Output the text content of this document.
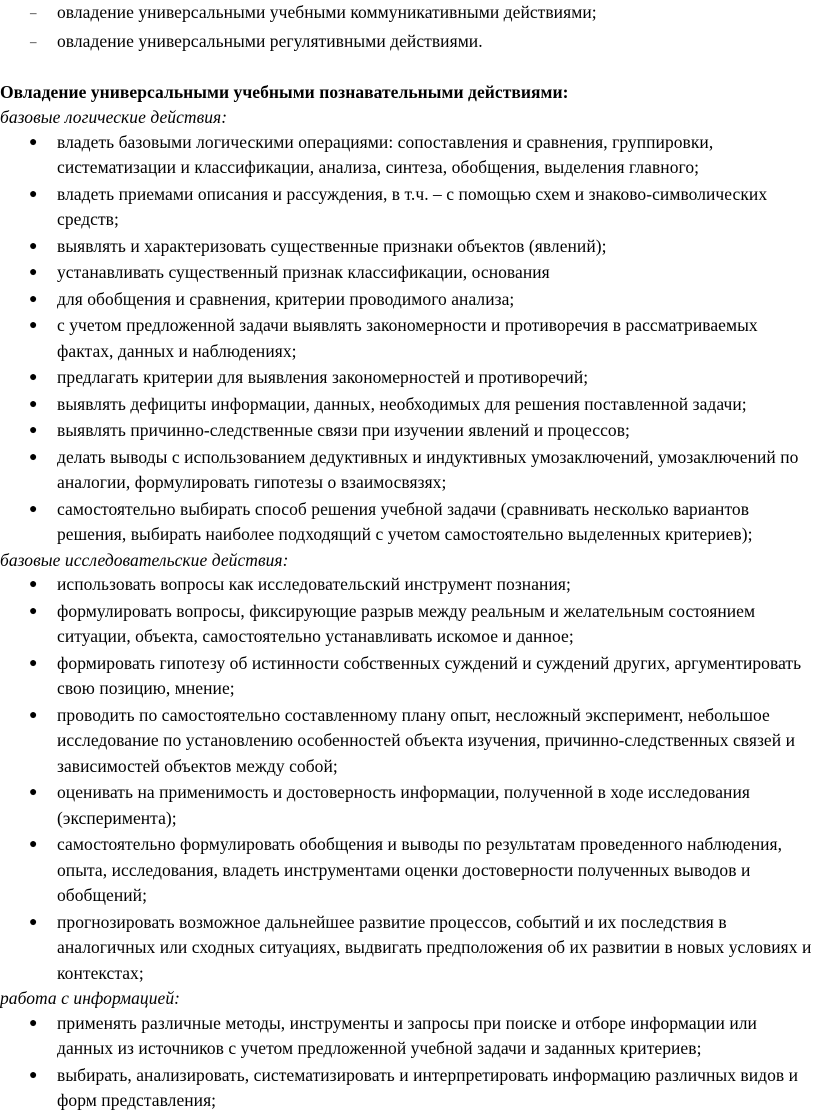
– овладение универсальными учебными коммуникативными действиями;
– овладение универсальными регулятивными действиями.

Овладение универсальными учебными познавательными действиями:

базовые логические действия:

● владеть базовыми логическими операциями: сопоставления и сравнения, группировки, систематизации и классификации, анализа, синтеза, обобщения, выделения главного;
● владеть приемами описания и рассуждения, в т.ч. – с помощью схем и знаково-символических средств;
● выявлять и характеризовать существенные признаки объектов (явлений);
● устанавливать существенный признак классификации, основания
● для обобщения и сравнения, критерии проводимого анализа;
● с учетом предложенной задачи выявлять закономерности и противоречия в рассматриваемых фактах, данных и наблюдениях;
● предлагать критерии для выявления закономерностей и противоречий;
● выявлять дефициты информации, данных, необходимых для решения поставленной задачи;
● выявлять причинно-следственные связи при изучении явлений и процессов;
● делать выводы с использованием дедуктивных и индуктивных умозаключений, умозаключений по аналогии, формулировать гипотезы о взаимосвязях;
● самостоятельно выбирать способ решения учебной задачи (сравнивать несколько вариантов решения, выбирать наиболее подходящий с учетом самостоятельно выделенных критериев);

базовые исследовательские действия:

● использовать вопросы как исследовательский инструмент познания;
● формулировать вопросы, фиксирующие разрыв между реальным и желательным состоянием ситуации, объекта, самостоятельно устанавливать искомое и данное;
● формировать гипотезу об истинности собственных суждений и суждений других, аргументировать свою позицию, мнение;
● проводить по самостоятельно составленному плану опыт, несложный эксперимент, небольшое исследование по установлению особенностей объекта изучения, причинно-следственных связей и зависимостей объектов между собой;
● оценивать на применимость и достоверность информации, полученной в ходе исследования (эксперимента);
● самостоятельно формулировать обобщения и выводы по результатам проведенного наблюдения, опыта, исследования, владеть инструментами оценки достоверности полученных выводов и обобщений;
● прогнозировать возможное дальнейшее развитие процессов, событий и их последствия в аналогичных или сходных ситуациях, выдвигать предположения об их развитии в новых условиях и контекстах;

работа с информацией:

● применять различные методы, инструменты и запросы при поиске и отборе информации или данных из источников с учетом предложенной учебной задачи и заданных критериев;
● выбирать, анализировать, систематизировать и интерпретировать информацию различных видов и форм представления;
